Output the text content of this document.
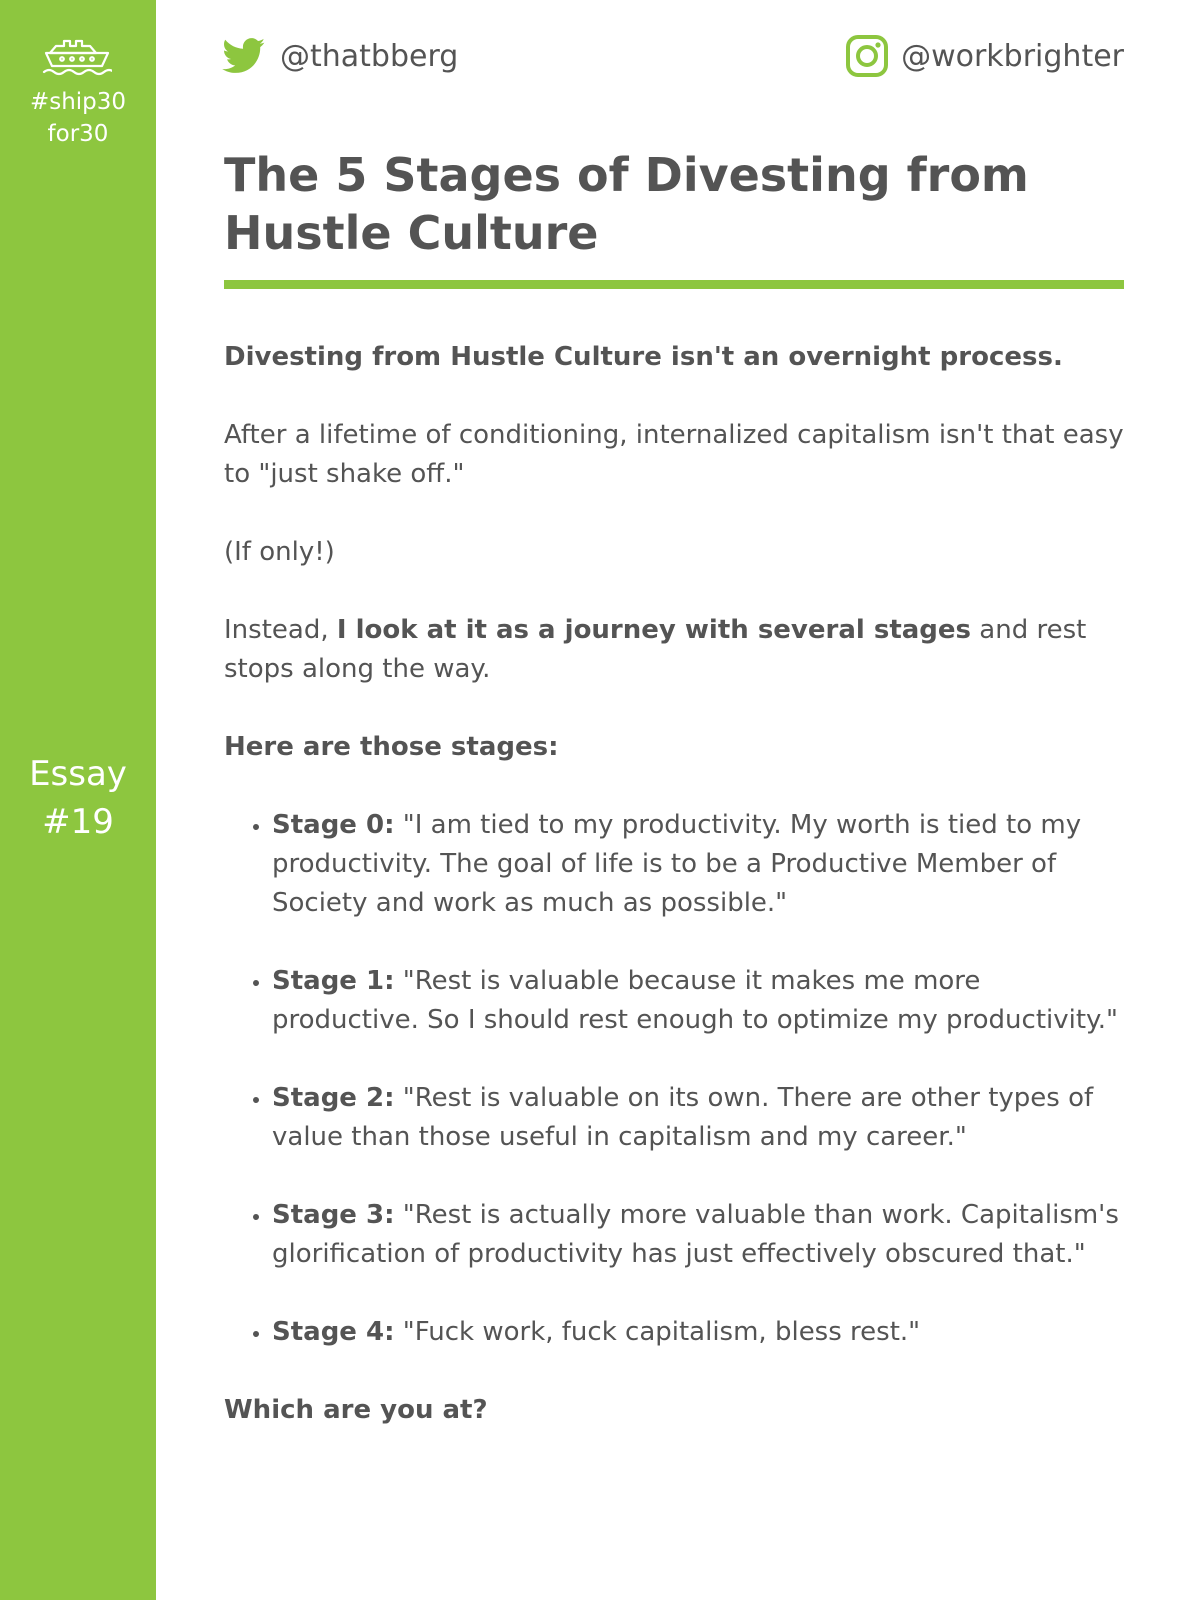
#ship30
for30
Essay
#19
@thatbberg	@workbrighter
The 5 Stages of Divesting from Hustle Culture

Divesting from Hustle Culture isn't an overnight process.

After a lifetime of conditioning, internalized capitalism isn't that easy to "just shake off."

(If only!)

Instead, I look at it as a journey with several stages and rest stops along the way.

Here are those stages:

• Stage 0: "I am tied to my productivity. My worth is tied to my productivity. The goal of life is to be a Productive Member of Society and work as much as possible."
• Stage 1: "Rest is valuable because it makes me more productive. So I should rest enough to optimize my productivity."
• Stage 2: "Rest is valuable on its own. There are other types of value than those useful in capitalism and my career."
• Stage 3: "Rest is actually more valuable than work. Capitalism's glorification of productivity has just effectively obscured that."
• Stage 4: "Fuck work, fuck capitalism, bless rest."

Which are you at?
